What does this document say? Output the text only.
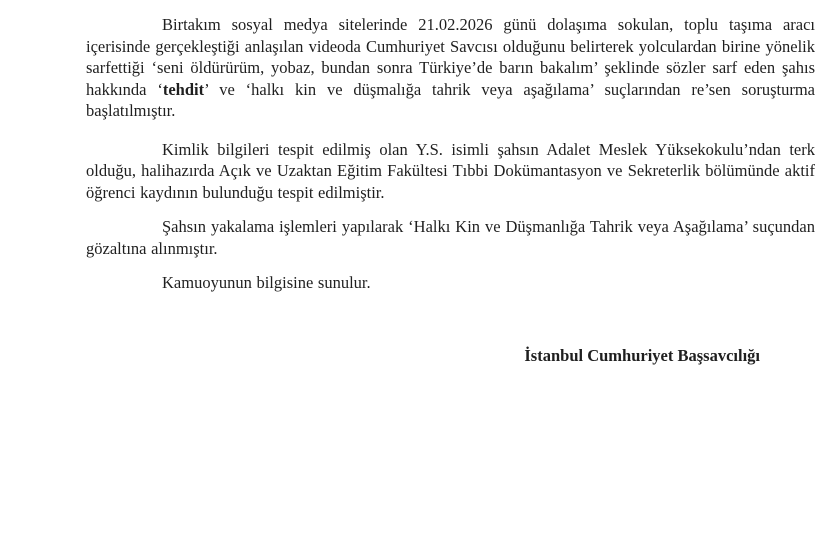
Birtakım sosyal medya sitelerinde 21.02.2026 günü dolaşıma sokulan, toplu taşıma aracı içerisinde gerçekleştiği anlaşılan videoda Cumhuriyet Savcısı olduğunu belirterek yolculardan birine yönelik sarfettiği ‘seni öldürürüm, yobaz, bundan sonra Türkiye’de barın bakalım’ şeklinde sözler sarf eden şahıs hakkında ‘tehdit’ ve ‘halkı kin ve düşmalığa tahrik veya aşağılama’ suçlarından re’sen soruşturma başlatılmıştır.

Kimlik bilgileri tespit edilmiş olan Y.S. isimli şahsın Adalet Meslek Yüksekokulu’ndan terk olduğu, halihazırda Açık ve Uzaktan Eğitim Fakültesi Tıbbi Dokümantasyon ve Sekreterlik bölümünde aktif öğrenci kaydının bulunduğu tespit edilmiştir.

Şahsın yakalama işlemleri yapılarak ‘Halkı Kin ve Düşmanlığa Tahrik veya Aşağılama’ suçundan gözaltına alınmıştır.

Kamuoyunun bilgisine sunulur.

İstanbul Cumhuriyet Başsavcılığı
